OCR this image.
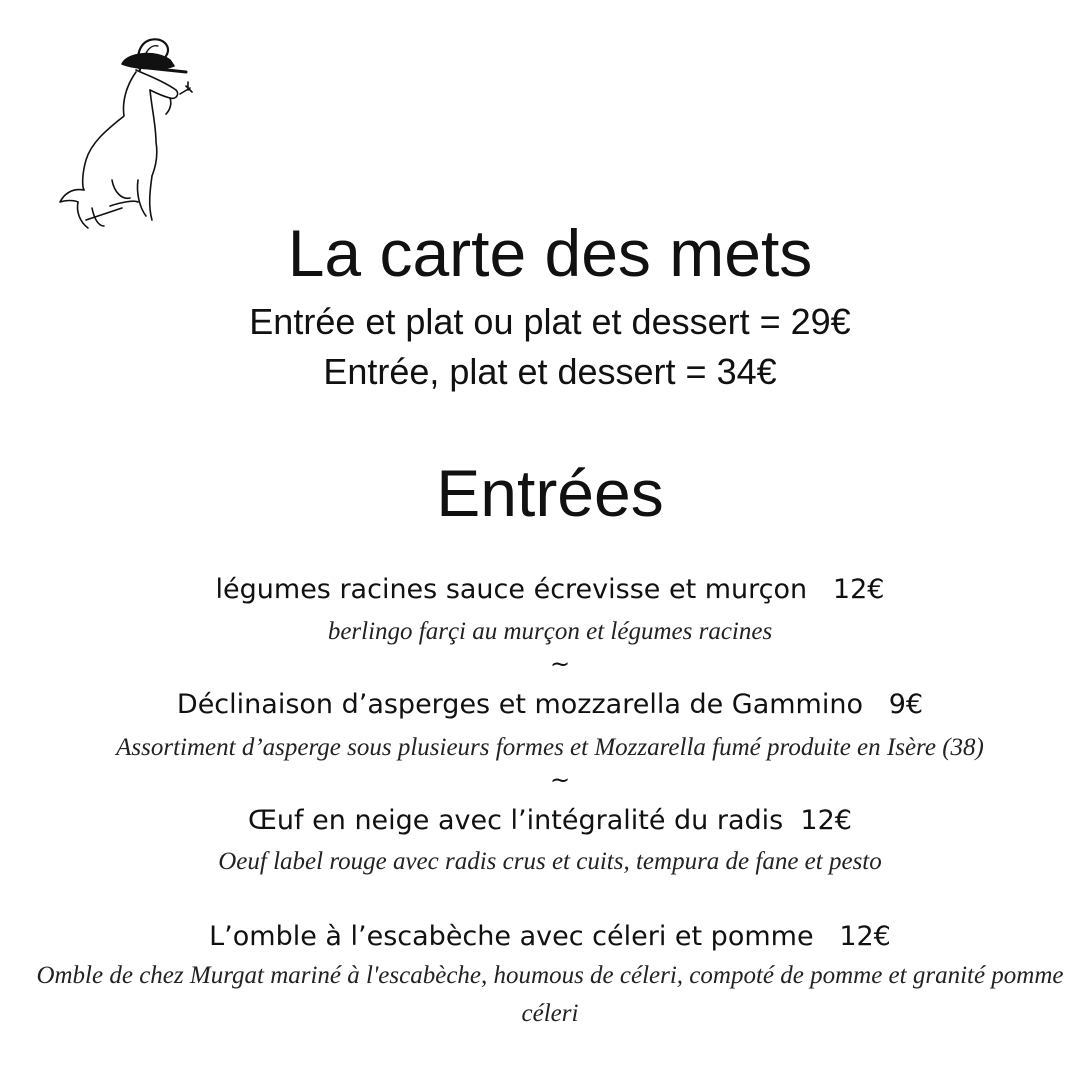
La carte des mets
Entrée et plat ou plat et dessert = 29€
Entrée, plat et dessert = 34€
Entrées
légumes racines sauce écrevisse et murçon 12€
berlingo farçi au murçon et légumes racines
~
Déclinaison d’asperges et mozzarella de Gammino 9€
Assortiment d’asperge sous plusieurs formes et Mozzarella fumé produite en Isère (38)
~
Œuf en neige avec l’intégralité du radis 12€
Oeuf label rouge avec radis crus et cuits, tempura de fane et pesto
L’omble à l’escabèche avec céleri et pomme 12€
Omble de chez Murgat mariné à l'escabèche, houmous de céleri, compoté de pomme et granité pomme céleri
